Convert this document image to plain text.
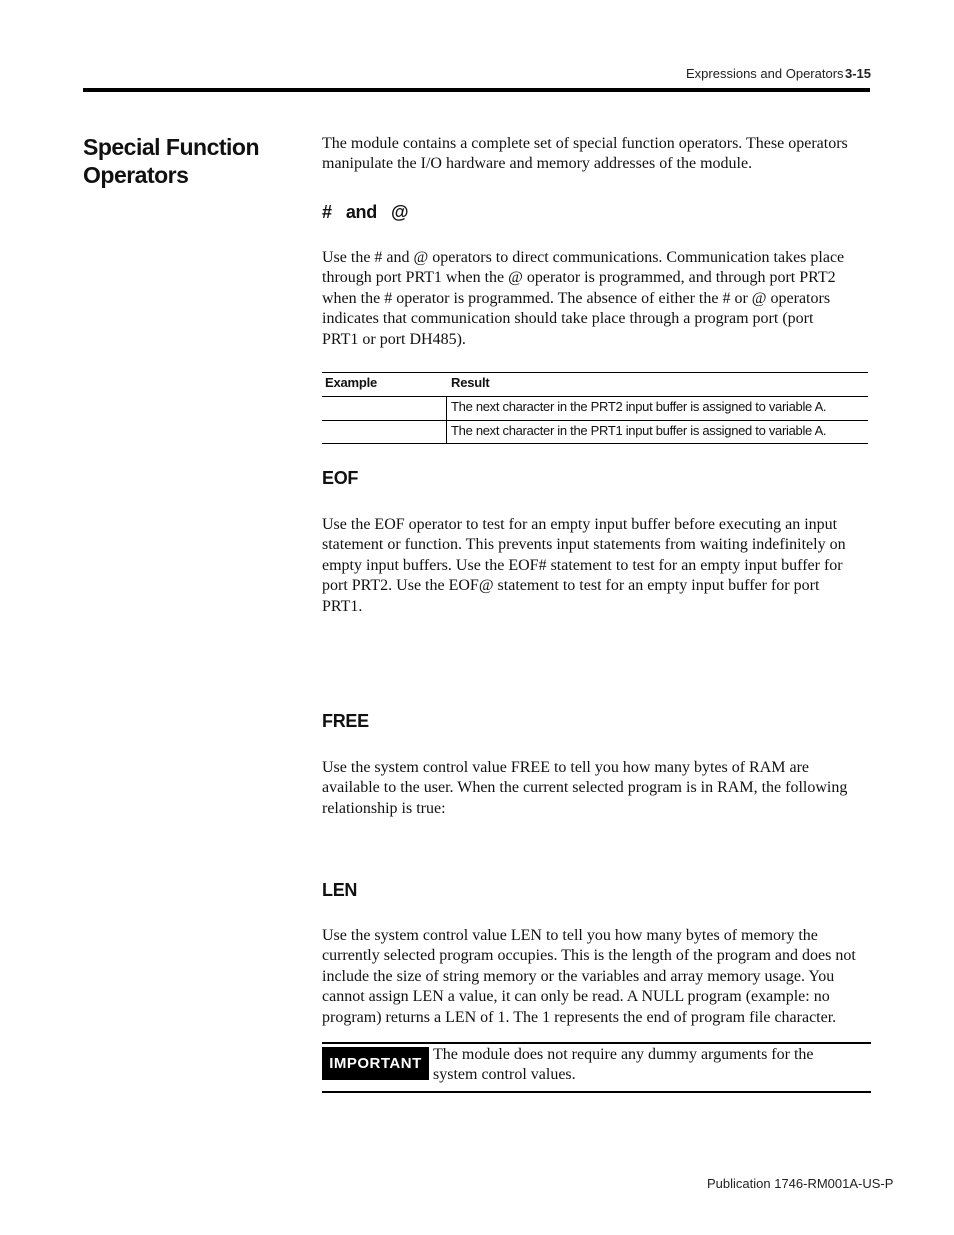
Expressions and Operators 3-15
Special Function
Operators
The module contains a complete set of special function operators. These operators
manipulate the I/O hardware and memory addresses of the module.
#   and   @
Use the # and @ operators to direct communications. Communication takes place
through port PRT1 when the @ operator is programmed, and through port PRT2
when the # operator is programmed. The absence of either the # or @ operators
indicates that communication should take place through a program port (port
PRT1 or port DH485).
Example	Result
The next character in the PRT2 input buffer is assigned to variable A.
The next character in the PRT1 input buffer is assigned to variable A.
EOF
Use the EOF operator to test for an empty input buffer before executing an input
statement or function. This prevents input statements from waiting indefinitely on
empty input buffers. Use the EOF# statement to test for an empty input buffer for
port PRT2. Use the EOF@ statement to test for an empty input buffer for port
PRT1.
FREE
Use the system control value FREE to tell you how many bytes of RAM are
available to the user. When the current selected program is in RAM, the following
relationship is true:
LEN
Use the system control value LEN to tell you how many bytes of memory the
currently selected program occupies. This is the length of the program and does not
include the size of string memory or the variables and array memory usage. You
cannot assign LEN a value, it can only be read. A NULL program (example: no
program) returns a LEN of 1. The 1 represents the end of program file character.
IMPORTANT
The module does not require any dummy arguments for the
system control values.
Publication 1746-RM001A-US-P
